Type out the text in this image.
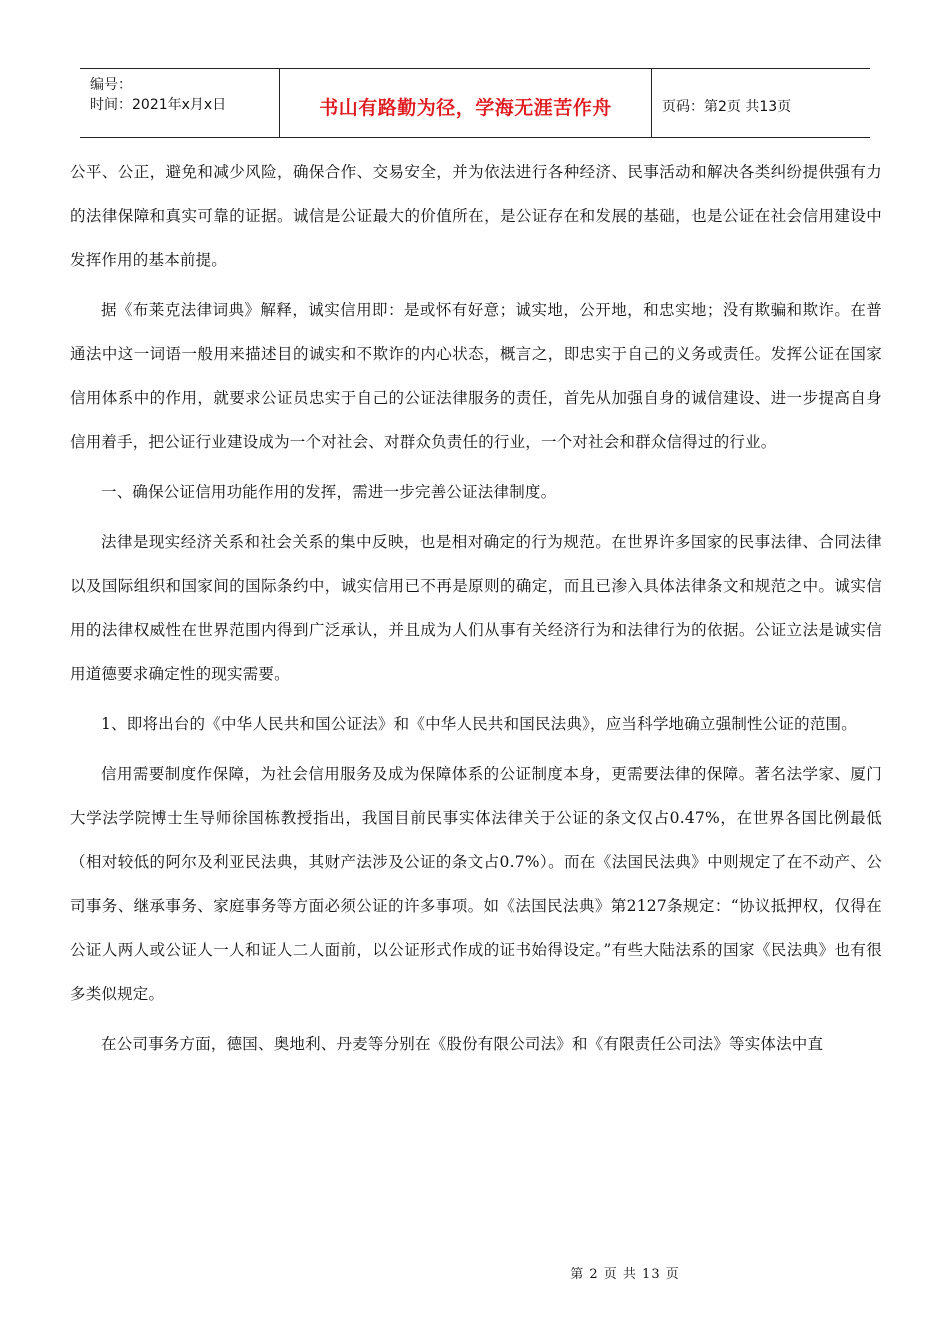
编号：
时间：2021年x月x日	书山有路勤为径，学海无涯苦作舟	页码：第2页 共13页

公平、公正，避免和减少风险，确保合作、交易安全，并为依法进行各种经济、民事活动和解决各类纠纷提供强有力的法律保障和真实可靠的证据。诚信是公证最大的价值所在，是公证存在和发展的基础，也是公证在社会信用建设中发挥作用的基本前提。

据《布莱克法律词典》解释，诚实信用即：是或怀有好意；诚实地，公开地，和忠实地；没有欺骗和欺诈。在普通法中这一词语一般用来描述目的诚实和不欺诈的内心状态，概言之，即忠实于自己的义务或责任。发挥公证在国家信用体系中的作用，就要求公证员忠实于自己的公证法律服务的责任，首先从加强自身的诚信建设、进一步提高自身信用着手，把公证行业建设成为一个对社会、对群众负责任的行业，一个对社会和群众信得过的行业。

一、确保公证信用功能作用的发挥，需进一步完善公证法律制度。

法律是现实经济关系和社会关系的集中反映，也是相对确定的行为规范。在世界许多国家的民事法律、合同法律以及国际组织和国家间的国际条约中，诚实信用已不再是原则的确定，而且已渗入具体法律条文和规范之中。诚实信用的法律权威性在世界范围内得到广泛承认，并且成为人们从事有关经济行为和法律行为的依据。公证立法是诚实信用道德要求确定性的现实需要。

1、即将出台的《中华人民共和国公证法》和《中华人民共和国民法典》，应当科学地确立强制性公证的范围。

信用需要制度作保障，为社会信用服务及成为保障体系的公证制度本身，更需要法律的保障。著名法学家、厦门大学法学院博士生导师徐国栋教授指出，我国目前民事实体法律关于公证的条文仅占0.47%，在世界各国比例最低（相对较低的阿尔及利亚民法典，其财产法涉及公证的条文占0.7%）。而在《法国民法典》中则规定了在不动产、公司事务、继承事务、家庭事务等方面必须公证的许多事项。如《法国民法典》第2127条规定：“协议抵押权，仅得在公证人两人或公证人一人和证人二人面前，以公证形式作成的证书始得设定。”有些大陆法系的国家《民法典》也有很多类似规定。

在公司事务方面，德国、奥地利、丹麦等分别在《股份有限公司法》和《有限责任公司法》等实体法中直

第 2 页 共 13 页
